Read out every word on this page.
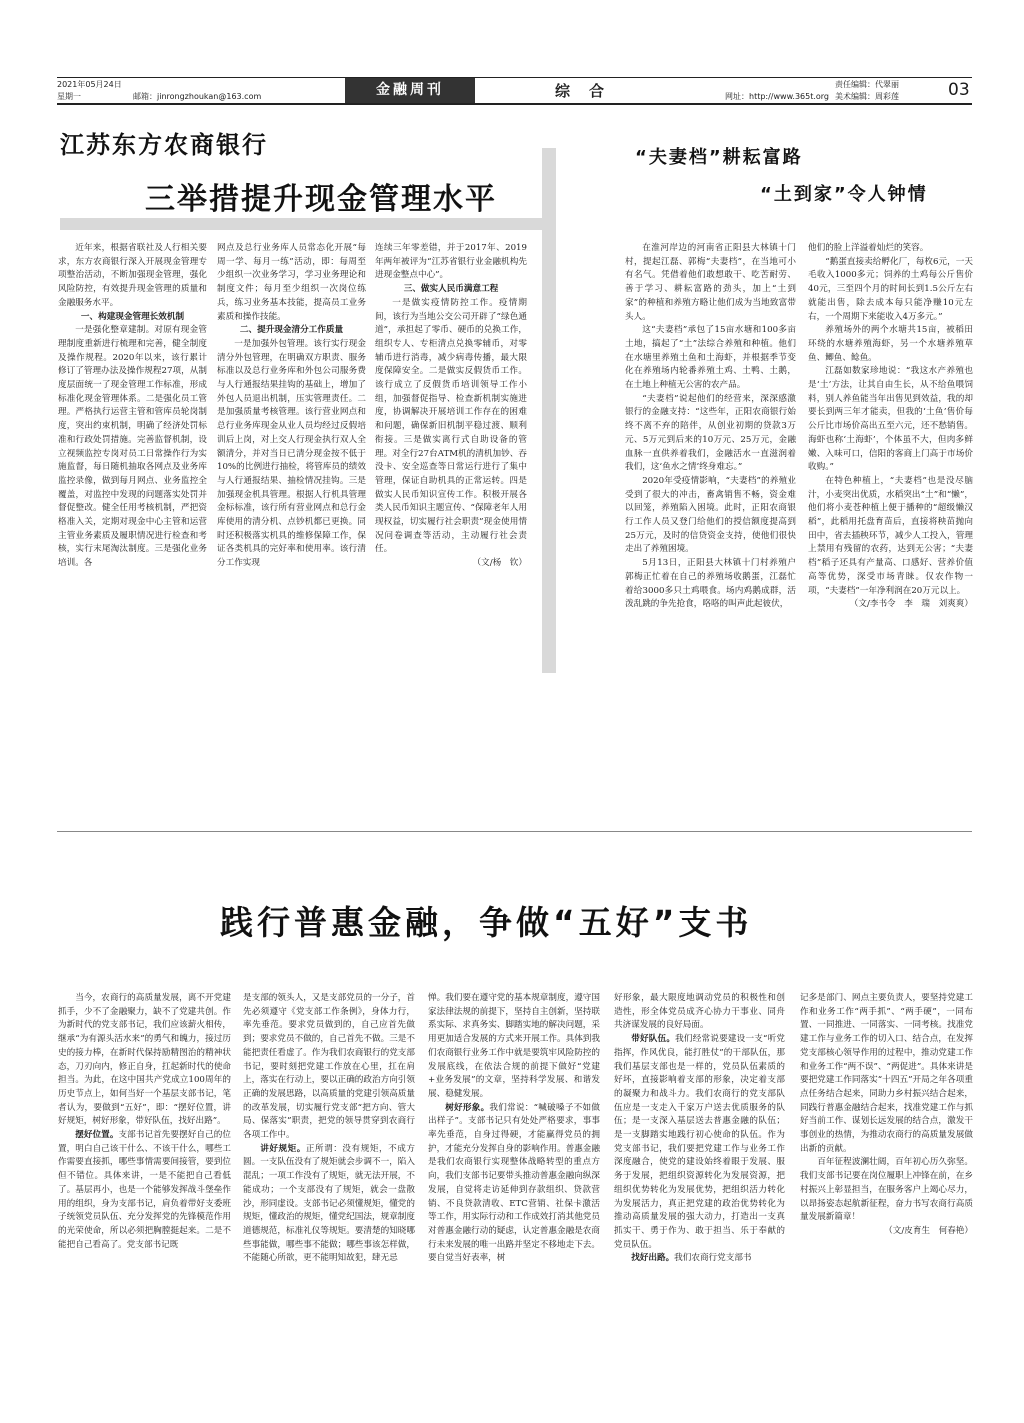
2021年05月24日
星期一	邮箱：jinrongzhoukan@163.com	金融周刊	综　合	网址：http://www.365t.org
责任编辑：代翠丽
美术编辑：周彩莲	03
江苏东方农商银行
三举措提升现金管理水平

近年来，根据省联社及人行相关要求，东方农商银行深入开展现金管理专项整治活动，不断加强现金管理，强化风险防控，有效提升现金管理的质量和金融服务水平。

一、构建现金管理长效机制

一是强化整章建制。对原有现金管理制度重新进行梳理和完善，健全制度及操作规程。2020年以来，该行累计修订了管理办法及操作规程27项，从制度层面统一了现金管理工作标准，形成标准化现金管理体系。二是强化员工管理。严格执行运营主管和管库员轮岗制度，突出约束机制，明确了经济处罚标准和行政处罚措施。完善监督机制，设立视频监控专岗对员工日常操作行为实施监督，每日随机抽取各网点及业务库监控录像，做到每月网点、业务监控全覆盖，对监控中发现的问题落实处罚并督促整改。健全任用考核机制，严把资格准入关，定期对现金中心主管和运营主管业务素质及履职情况进行检查和考核，实行末尾淘汰制度。三是强化业务培训。各

网点及总行业务库人员常态化开展“每周一学、每月一练”活动，即：每周至少组织一次业务学习，学习业务理论和制度文件；每月至少组织一次岗位练兵，练习业务基本技能，提高员工业务素质和操作技能。

二、提升现金清分工作质量

一是加强外包管理。该行实行现金清分外包管理，在明确双方职责、服务标准以及总行业务库和外包公司服务费与人行通报结果挂钩的基础上，增加了外包人员退出机制，压实管理责任。二是加强质量考核管理。该行营业网点和总行业务库现金从业人员均经过反假培训后上岗，对上交人行现金执行双人全额清分，并对当日已清分现金按不低于10%的比例进行抽检，将管库员的绩效与人行通报结果、抽检情况挂钩。三是加强现金机具管理。根据人行机具管理金标标准，该行所有营业网点和总行金库使用的清分机、点钞机都已更换。同时还积极落实机具的维修保障工作，保证各类机具的完好率和使用率。该行清分工作实现

连续三年零差错，并于2017年、2019年两年被评为“江苏省银行业金融机构先进现金整点中心”。

三、做实人民币满意工程

一是做实疫情防控工作。疫情期间，该行为当地公交公司开辟了“绿色通道”，承担起了零币、硬币的兑换工作，组织专人、专柜清点兑换零辅币，对零辅币进行消毒，减少病毒传播，最大限度保障安全。二是做实反假货币工作。该行成立了反假货币培训领导工作小组，加强督促指导、检查新机制实施进度，协调解决开展培训工作存在的困难和问题，确保新旧机制平稳过渡、顺利衔接。三是做实离行式自助设备的管理。对全行27台ATM机的清机加钞、吞没卡、安全巡查等日常运行进行了集中管理，保证自助机具的正常运转。四是做实人民币知识宣传工作。积极开展各类人民币知识主题宣传、“保障老年人用现权益，切实履行社会职责”现金使用情况问卷调查等活动，主动履行社会责任。

（文/杨　钦）

“夫妻档”耕耘富路
“土到家”令人钟情

在淮河岸边的河南省正阳县大林镇十门村，提起江磊、郭梅“夫妻档”，在当地可小有名气。凭借着他们敢想敢干、吃苦耐劳、善于学习、耕耘富路的劲头，加上“土到家”的种植和养殖方略让他们成为当地致富带头人。

这“夫妻档”承包了15亩水塘和100多亩土地，搞起了“土”法综合养殖和种植。他们在水塘里养殖土鱼和土海虾，并根据季节变化在养殖场内轮番养殖土鸡、土鸭、土鹅，在土地上种植无公害的农产品。

“夫妻档”说起他们的经营来，深深感激银行的金融支持：“这些年，正阳农商银行始终不离不弃的陪伴，从创业初期的贷款3万元、5万元到后来的10万元、25万元，金融血脉一直供养着我们，金融活水一直滋润着我们，这‘鱼水之情’终身难忘。”

2020年受疫情影响，“夫妻档”的养殖业受到了很大的冲击，畜禽销售不畅，资金难以回笼，养殖陷入困境。此时，正阳农商银行工作人员又登门给他们的授信额度提高到25万元，及时的信贷资金支持，使他们很快走出了养殖困境。

5月13日，正阳县大林镇十门村养殖户郭梅正忙着在自己的养殖场收鹅蛋，江磊忙着给3000多只土鸡喂食。场内鸡鹅成群，活泼乱跳的争先抢食，咯咯的叫声此起彼伏，

他们的脸上洋溢着灿烂的笑容。

“鹅蛋直接卖给孵化厂，每枚6元，一天毛收入1000多元；饲养的土鸡每公斤售价40元，三至四个月的时间长到1.5公斤左右就能出售，除去成本每只能净赚10元左右，一个周期下来能收入4万多元。”

养殖场外的两个水塘共15亩，被稻田环绕的水塘养殖海虾，另一个水塘养殖草鱼、鲫鱼、鲶鱼。

江磊如数家珍地说：“我这水产养殖也是‘土’方法，让其自由生长，从不给鱼喂饲料，别人养鱼能当年出售见到效益，我的却要长到两三年才能卖，但我的‘土鱼’售价每公斤比市场价高出五至六元，还不愁销售。海虾也称‘土海虾’，个体虽不大，但肉多鲜嫩、入味可口，信阳的客商上门高于市场价收购。”

在特色种植上，“夫妻档”也是没尽脑汁，小麦突出优质，水稻突出“土”和“懒”，他们将小麦苍种植上便于播种的“超级懒汉稻”，此稻用托盘育苗后，直接将秧苗抛向田中，省去插秧环节，减少人工投入，管理上禁用有残留的农药，达到无公害；“夫妻档”稻子还具有产量高、口感好、营养价值高等优势，深受市场青睐。仅农作物一项，“夫妻档”一年净利润在20万元以上。

（文/李书令　李　瑞　刘爽爽）

践行普惠金融，争做“五好”支书

当今，农商行的高质量发展，离不开党建抓手，少不了金融聚力，缺不了党建共创。作为新时代的党支部书记，我们应该薪火相传，继承“为有源头活水来”的勇气和魄力，接过历史的接力棒，在新时代保持励精图治的精神状态，刀刃向内，修正自身，扛起新时代的使命担当。为此，在这中国共产党成立100周年的历史节点上，如何当好一个基层支部书记，笔者认为，要做到“五好”，即：“摆好位置，讲好规矩，树好形象，带好队伍，找好出路”。

摆好位置。支部书记首先要摆好自己的位置，明白自己该干什么、不该干什么，哪些工作需要直接抓，哪些事情需要间接管，要到位但不错位。具体来讲，一是不能把自己看低了。基层再小，也是一个能够发挥战斗堡垒作用的组织，身为支部书记，肩负着带好支委班子统领党员队伍、充分发挥党的先锋模范作用的光荣使命，所以必须把胸膛挺起来。二是不能把自己看高了。党支部书记既

是支部的领头人，又是支部党员的一分子，首先必须遵守《党支部工作条例》，身体力行，率先垂范。要求党员做到的，自己应首先做到；要求党员不做的，自己首先不做。三是不能把责任看虚了。作为我们农商银行的党支部书记，要时刻把党建工作放在心里，扛在肩上，落实在行动上，要以正确的政治方向引领正确的发展思路，以高质量的党建引领高质量的改革发展，切实履行党支部“把方向、管大局、保落实”职责，把党的领导贯穿到农商行各项工作中。

讲好规矩。正所谓：没有规矩，不成方圆。一支队伍没有了规矩就会步调不一，陷入混乱；一项工作没有了规矩，就无法开展，不能成功；一个支部没有了规矩，就会一盘散沙，形同虚设。支部书记必须懂规矩，懂党的规矩，懂政治的规矩，懂党纪国法，规章制度道德规范，标准礼仪等规矩。要清楚的知晓哪些事能做，哪些事不能做；哪些事该怎样做，不能随心所欲，更不能明知故犯，肆无忌

惮。我们要在遵守党的基本规章制度，遵守国家法律法规的前提下，坚持自主创新，坚持联系实际、求真务实、脚踏实地的解决问题，采用更加适合发展的方式来开展工作。具体到我们农商银行业务工作中就是要筑牢风险防控的发展底线，在依法合规的前提下做好“党建+业务发展”的文章，坚持科学发展、和谐发展、稳健发展。

树好形象。我们常说：“喊破嗓子不如做出样子”。支部书记只有处处严格要求，事事率先垂范，自身过得硬，才能赢得党员的拥护，才能充分发挥自身的影响作用。普惠金融是我们农商银行实现整体战略转型的重点方向，我们支部书记要带头推动普惠金融向纵深发展，自觉将走访延伸到存款组织、贷款营销、不良贷款清收、ETC营销、社保卡激活等工作，用实际行动和工作成效打消其他党员对普惠金融行动的疑虑，认定普惠金融是农商行未来发展的唯一出路并坚定不移地走下去。要自觉当好表率，树

好形象，最大限度地调动党员的积极性和创造性，形全体党员成齐心协力干事业、同舟共济谋发展的良好局面。

带好队伍。我们经常说要建设一支“听党指挥，作风优良，能打胜仗”的干部队伍，那我们基层支部也是一样的，党员队伍素质的好坏，直接影响着支部的形象，决定着支部的凝聚力和战斗力。我们农商行的党支部队伍应是一支走入千家万户送去优质服务的队伍；是一支深入基层送去普惠金融的队伍；是一支脚踏实地践行初心使命的队伍。作为党支部书记，我们要把党建工作与业务工作深度融合，使党的建设始终着眼于发展、服务于发展，把组织资源转化为发展资源，把组织优势转化为发展优势，把组织活力转化为发展活力，真正把党建的政治优势转化为推动高质量发展的强大动力，打造出一支真抓实干、勇于作为、敢于担当、乐于奉献的党员队伍。

找好出路。我们农商行党支部书

记多是部门、网点主要负责人，要坚持党建工作和业务工作“两手抓”、“两手硬”，一同布置、一同推进、一同落实、一同考核。找准党建工作与业务工作的切入口、结合点，在发挥党支部核心领导作用的过程中，推动党建工作和业务工作“两不误”、“两促进”。具体来讲是要把党建工作同落实“十四五”开局之年各项重点任务结合起来，同助力乡村振兴结合起来，同践行普惠金融结合起来，找准党建工作与抓好当前工作、谋划长远发展的结合点，激发干事创业的热情，为推动农商行的高质量发展做出新的贡献。

百年征程波澜壮阔，百年初心历久弥坚。我们支部书记要在岗位履职上冲锋在前，在乡村振兴上彰显担当，在服务客户上竭心尽力，以昂扬姿态起航新征程，奋力书写农商行高质量发展新篇章！

（文/皮育生　何春艳）
